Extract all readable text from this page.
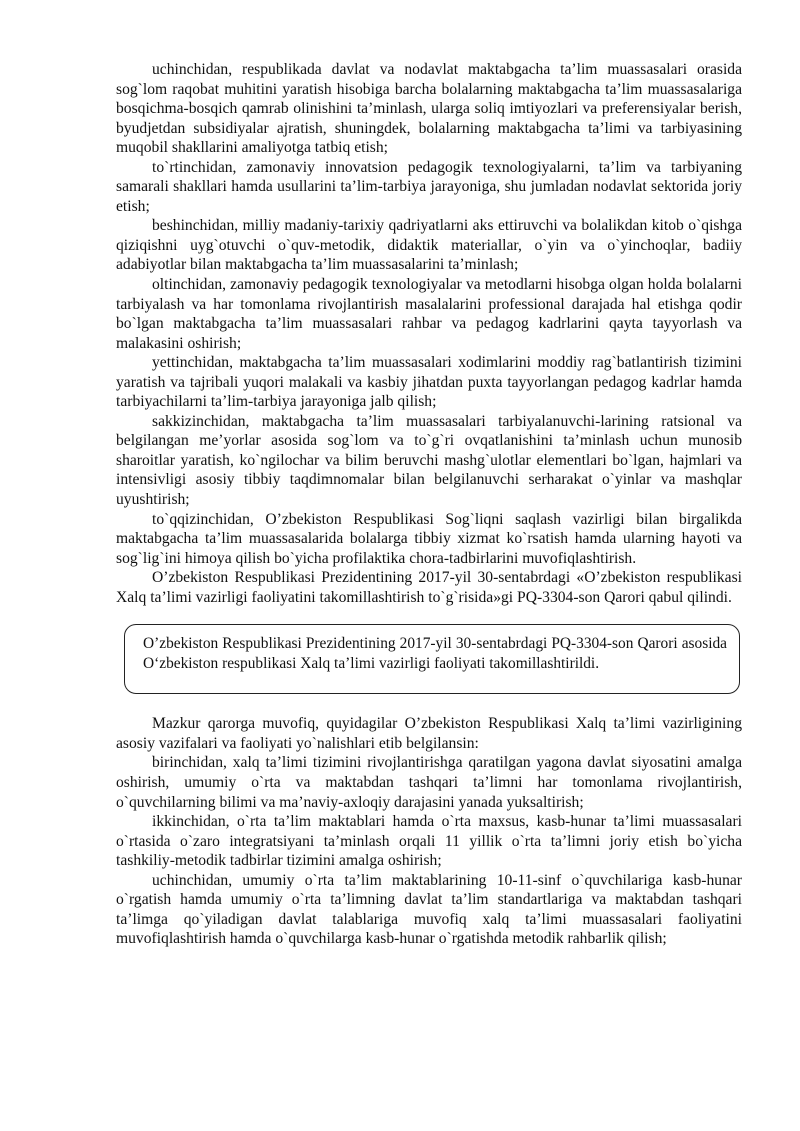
uchinchidan, respublikada davlat va nodavlat maktabgacha ta’lim muassasalari orasida sog`lom raqobat muhitini yaratish hisobiga barcha bolalarning maktabgacha ta’lim muassasalariga bosqichma-bosqich qamrab olinishini ta’minlash, ularga soliq imtiyozlari va preferensiyalar berish, byudjetdan subsidiyalar ajratish, shuningdek, bolalarning maktabgacha ta’limi va tarbiyasining muqobil shakllarini amaliyotga tatbiq etish;

to`rtinchidan, zamonaviy innovatsion pedagogik texnologiyalarni, ta’lim va tarbiyaning samarali shakllari hamda usullarini ta’lim-tarbiya jarayoniga, shu jumladan nodavlat sektorida joriy etish;

beshinchidan, milliy madaniy-tarixiy qadriyatlarni aks ettiruvchi va bolalikdan kitob o`qishga qiziqishni uyg`otuvchi o`quv-metodik, didaktik materiallar, o`yin va o`yinchoqlar, badiiy adabiyotlar bilan maktabgacha ta’lim muassasalarini ta’minlash;

oltinchidan, zamonaviy pedagogik texnologiyalar va metodlarni hisobga olgan holda bolalarni tarbiyalash va har tomonlama rivojlantirish masalalarini professional darajada hal etishga qodir bo`lgan maktabgacha ta’lim muassasalari rahbar va pedagog kadrlarini qayta tayyorlash va malakasini oshirish;

yettinchidan, maktabgacha ta’lim muassasalari xodimlarini moddiy rag`batlantirish tizimini yaratish va tajribali yuqori malakali va kasbiy jihatdan puxta tayyorlangan pedagog kadrlar hamda tarbiyachilarni ta’lim-tarbiya jarayoniga jalb qilish;

sakkizinchidan, maktabgacha ta’lim muassasalari tarbiyalanuvchi-larining ratsional va belgilangan me’yorlar asosida sog`lom va to`g`ri ovqatlanishini ta’minlash uchun munosib sharoitlar yaratish, ko`ngilochar va bilim beruvchi mashg`ulotlar elementlari bo`lgan, hajmlari va intensivligi asosiy tibbiy taqdimnomalar bilan belgilanuvchi serharakat o`yinlar va mashqlar uyushtirish;

to`qqizinchidan, O’zbekiston Respublikasi Sog`liqni saqlash vazirligi bilan birgalikda maktabgacha ta’lim muassasalarida bolalarga tibbiy xizmat ko`rsatish hamda ularning hayoti va sog`lig`ini himoya qilish bo`yicha profilaktika chora-tadbirlarini muvofiqlashtirish.

O’zbekiston Respublikasi Prezidentining 2017-yil 30-sentabrdagi «O’zbekiston respublikasi Xalq ta’limi vazirligi faoliyatini takomillashtirish to`g`risida»gi PQ-3304-son Qarori qabul qilindi.

O’zbekiston Respublikasi Prezidentining 2017-yil 30-sentabrdagi PQ-3304-son Qarori asosida O‘zbekiston respublikasi Xalq ta’limi vazirligi faoliyati takomillashtirildi.

Mazkur qarorga muvofiq, quyidagilar O’zbekiston Respublikasi Xalq ta’limi vazirligining asosiy vazifalari va faoliyati yo`nalishlari etib belgilansin:

birinchidan, xalq ta’limi tizimini rivojlantirishga qaratilgan yagona davlat siyosatini amalga oshirish, umumiy o`rta va maktabdan tashqari ta’limni har tomonlama rivojlantirish, o`quvchilarning bilimi va ma’naviy-axloqiy darajasini yanada yuksaltirish;

ikkinchidan, o`rta ta’lim maktablari hamda o`rta maxsus, kasb-hunar ta’limi muassasalari o`rtasida o`zaro integratsiyani ta’minlash orqali 11 yillik o`rta ta’limni joriy etish bo`yicha tashkiliy-metodik tadbirlar tizimini amalga oshirish;

uchinchidan, umumiy o`rta ta’lim maktablarining 10-11-sinf o`quvchilariga kasb-hunar o`rgatish hamda umumiy o`rta ta’limning davlat ta’lim standartlariga va maktabdan tashqari ta’limga qo`yiladigan davlat talablariga muvofiq xalq ta’limi muassasalari faoliyatini muvofiqlashtirish hamda o`quvchilarga kasb-hunar o`rgatishda metodik rahbarlik qilish;
